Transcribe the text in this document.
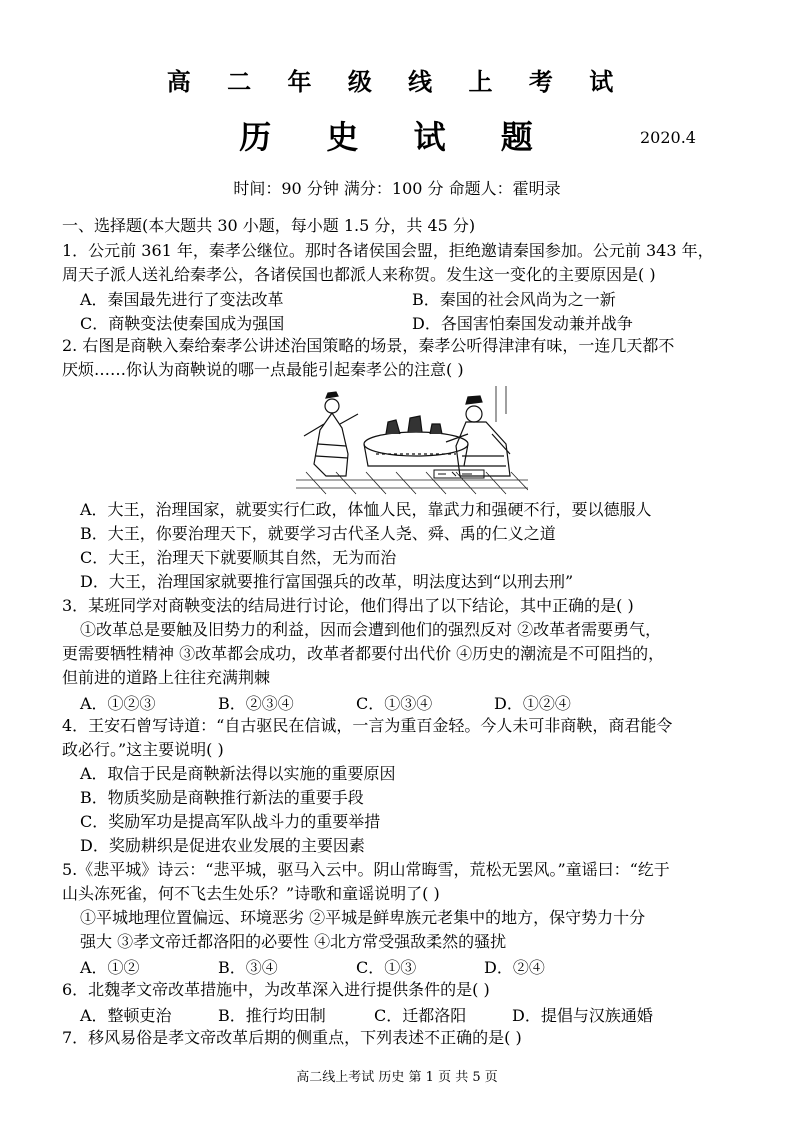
高 二 年 级 线 上 考 试
历 史 试 题	2020.4
时间：90 分钟 满分：100 分 命题人：霍明录
一、选择题(本大题共 30 小题，每小题 1.5 分，共 45 分)
1．公元前 361 年，秦孝公继位。那时各诸侯国会盟，拒绝邀请秦国参加。公元前 343 年，
周天子派人送礼给秦孝公，各诸侯国也都派人来称贺。发生这一变化的主要原因是( )
A．秦国最先进行了变法改革	B．秦国的社会风尚为之一新
C．商鞅变法使秦国成为强国	D．各国害怕秦国发动兼并战争
2. 右图是商鞅入秦给秦孝公讲述治国策略的场景，秦孝公听得津津有味，一连几天都不
厌烦……你认为商鞅说的哪一点最能引起秦孝公的注意( )
A．大王，治理国家，就要实行仁政，体恤人民，靠武力和强硬不行，要以德服人
B．大王，你要治理天下，就要学习古代圣人尧、舜、禹的仁义之道
C．大王，治理天下就要顺其自然，无为而治
D．大王，治理国家就要推行富国强兵的改革，明法度达到“以刑去刑”
3．某班同学对商鞅变法的结局进行讨论，他们得出了以下结论，其中正确的是( )
①改革总是要触及旧势力的利益，因而会遭到他们的强烈反对 ②改革者需要勇气，
更需要牺牲精神 ③改革都会成功，改革者都要付出代价 ④历史的潮流是不可阻挡的，
但前进的道路上往往充满荆棘
A．①②③	B．②③④	C．①③④	D．①②④
4．王安石曾写诗道：“自古驱民在信诚，一言为重百金轻。今人未可非商鞅，商君能令
政必行。”这主要说明( )
A．取信于民是商鞅新法得以实施的重要原因
B．物质奖励是商鞅推行新法的重要手段
C．奖励军功是提高军队战斗力的重要举措
D．奖励耕织是促进农业发展的主要因素
5.《悲平城》诗云：“悲平城，驱马入云中。阴山常晦雪，荒松无罢风。”童谣曰：“纥于
山头冻死雀，何不飞去生处乐？”诗歌和童谣说明了( )
①平城地理位置偏远、环境恶劣 ②平城是鲜卑族元老集中的地方，保守势力十分
强大 ③孝文帝迁都洛阳的必要性 ④北方常受强敌柔然的骚扰
A．①②	B．③④	C．①③	D．②④
6．北魏孝文帝改革措施中，为改革深入进行提供条件的是( )
A．整顿吏治	B．推行均田制	C．迁都洛阳	D．提倡与汉族通婚
7．移风易俗是孝文帝改革后期的侧重点，下列表述不正确的是( )
高二线上考试 历史 第 1 页 共 5 页
